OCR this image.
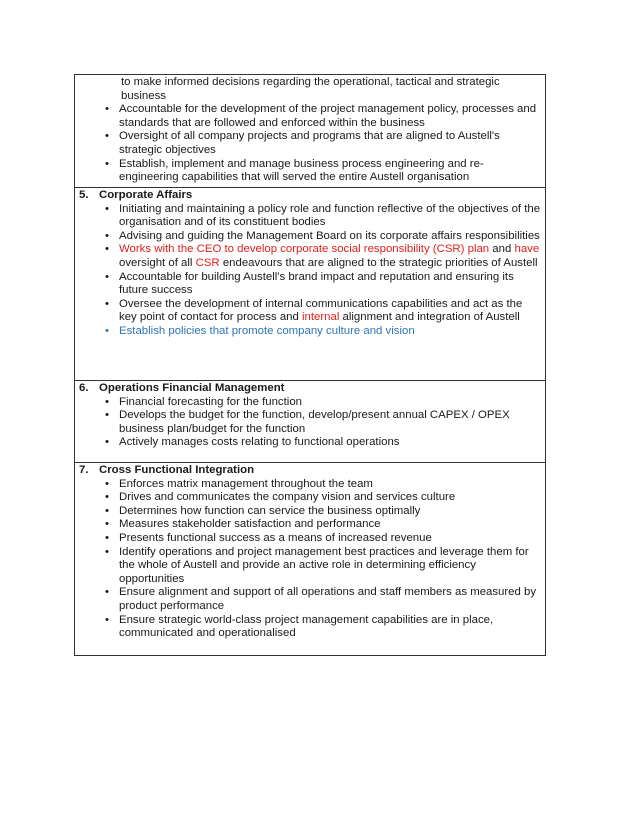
to make informed decisions regarding the operational, tactical and strategic business
• Accountable for the development of the project management policy, processes and standards that are followed and enforced within the business
• Oversight of all company projects and programs that are aligned to Austell's strategic objectives
• Establish, implement and manage business process engineering and re-engineering capabilities that will served the entire Austell organisation

5. Corporate Affairs
• Initiating and maintaining a policy role and function reflective of the objectives of the organisation and of its constituent bodies
• Advising and guiding the Management Board on its corporate affairs responsibilities
• Works with the CEO to develop corporate social responsibility (CSR) plan and have oversight of all CSR endeavours that are aligned to the strategic priorities of Austell
• Accountable for building Austell's brand impact and reputation and ensuring its future success
• Oversee the development of internal communications capabilities and act as the key point of contact for process and internal alignment and integration of Austell
• Establish policies that promote company culture and vision

6. Operations Financial Management
• Financial forecasting for the function
• Develops the budget for the function, develop/present annual CAPEX / OPEX business plan/budget for the function
• Actively manages costs relating to functional operations

7. Cross Functional Integration
• Enforces matrix management throughout the team
• Drives and communicates the company vision and services culture
• Determines how function can service the business optimally
• Measures stakeholder satisfaction and performance
• Presents functional success as a means of increased revenue
• Identify operations and project management best practices and leverage them for the whole of Austell and provide an active role in determining efficiency opportunities
• Ensure alignment and support of all operations and staff members as measured by product performance
• Ensure strategic world-class project management capabilities are in place, communicated and operationalised
